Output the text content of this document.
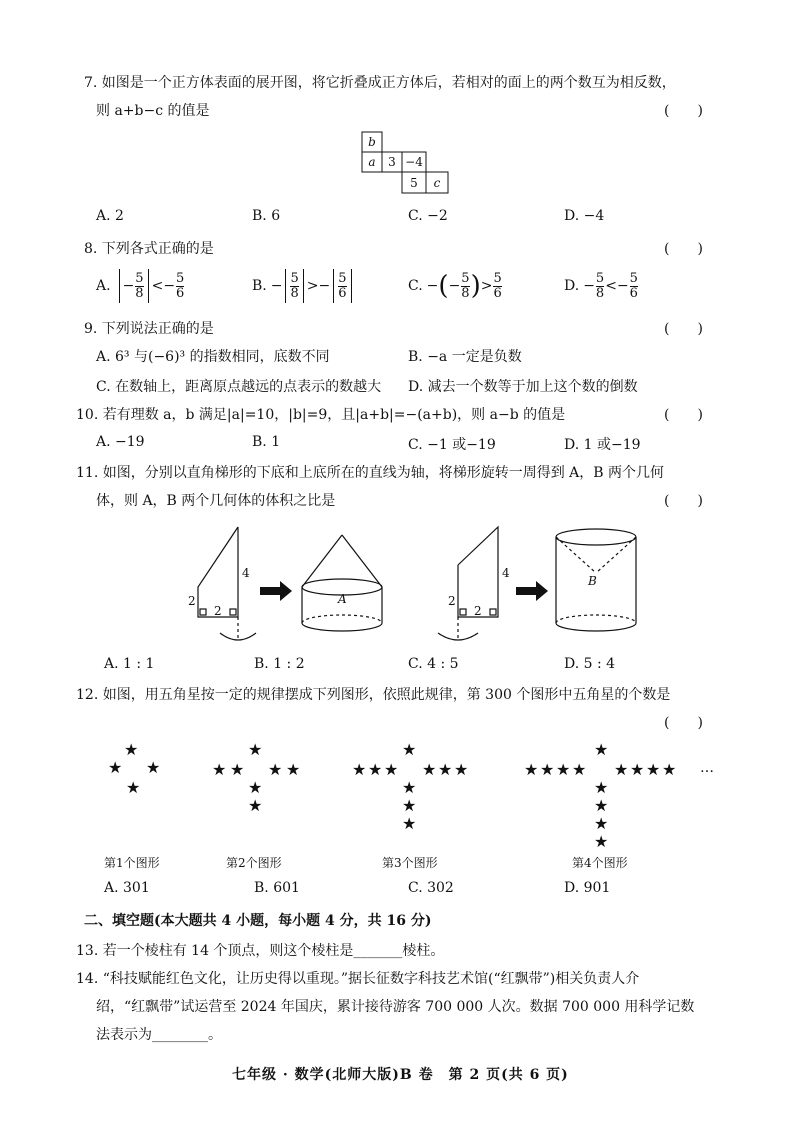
7. 如图是一个正方体表面的展开图，将它折叠成正方体后，若相对的面上的两个数互为相反数，
则 a+b−c 的值是	(　　)
b
a 3 −4
5 c
A. 2	B. 6	C. −2	D. −4
8. 下列各式正确的是	(　　)
A. − $\frac{5}{8}$ < − $\frac{5}{6}$	B. − $\frac{5}{8}$ > − $\frac{5}{6}$	C. − ( − $\frac{5}{8}$ ) > $\frac{5}{6}$	D. − $\frac{5}{8}$ < − $\frac{5}{6}$
9. 下列说法正确的是	(　　)
A. 6³ 与(−6)³ 的指数相同，底数不同	B. −a 一定是负数
C. 在数轴上，距离原点越远的点表示的数越大 D. 减去一个数等于加上这个数的倒数
10. 若有理数 a，b 满足|a|=10，|b|=9，且|a+b|=−(a+b)，则 a−b 的值是	(　　)
A. −19	B. 1	C. −1 或−19	D. 1 或−19
11. 如图，分别以直角梯形的下底和上底所在的直线为轴，将梯形旋转一周得到 A，B 两个几何
体，则 A，B 两个几何体的体积之比是	(　　)
2
2
4
A	2
2
4
B
A. 1 : 1	B. 1 : 2	C. 4 : 5	D. 5 : 4
12. 如图，用五角星按一定的规律摆成下列图形，依照此规律，第 300 个图形中五角星的个数是
(　　)
★
★ ★
★
★
★ ★ ★ ★
★
★
★
★ ★ ★ ★ ★ ★
★
★
★
★
★ ★ ★ ★ ★ ★ ★ ★
★
★
★
★
…
第1个图形	第2个图形	第3个图形	第4个图形
A. 301	B. 601	C. 302	D. 901
二、填空题(本大题共 4 小题，每小题 4 分，共 16 分)
13. 若一个棱柱有 14 个顶点，则这个棱柱是_______棱柱。
14. “科技赋能红色文化，让历史得以重现。”据长征数字科技艺术馆(“红飘带”)相关负责人介
绍，“红飘带”试运营至 2024 年国庆，累计接待游客 700 000 人次。数据 700 000 用科学记数
法表示为________。
七年级 · 数学(北师大版)B 卷　第 2 页(共 6 页)
